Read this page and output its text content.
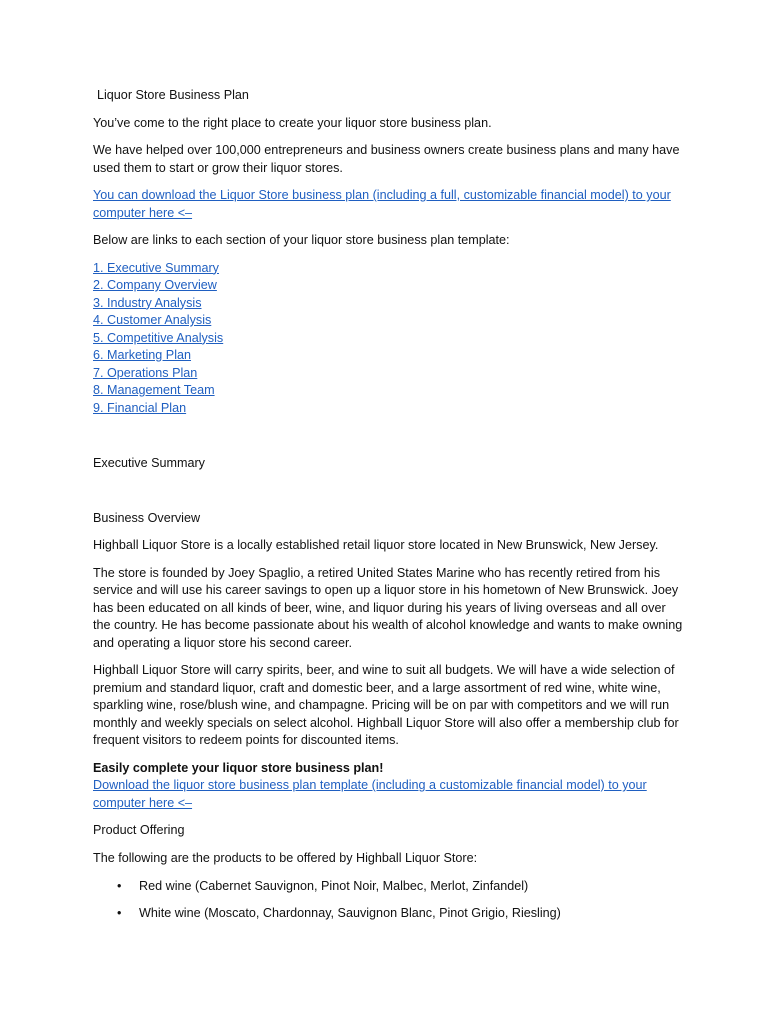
Liquor Store Business Plan

You’ve come to the right place to create your liquor store business plan.

We have helped over 100,000 entrepreneurs and business owners create business plans and many have used them to start or grow their liquor stores.

You can download the Liquor Store business plan (including a full, customizable financial model) to your computer here <–

Below are links to each section of your liquor store business plan template:

1. Executive Summary
2. Company Overview
3. Industry Analysis
4. Customer Analysis
5. Competitive Analysis
6. Marketing Plan
7. Operations Plan
8. Management Team
9. Financial Plan

Executive Summary

Business Overview

Highball Liquor Store is a locally established retail liquor store located in New Brunswick, New Jersey.

The store is founded by Joey Spaglio, a retired United States Marine who has recently retired from his service and will use his career savings to open up a liquor store in his hometown of New Brunswick. Joey has been educated on all kinds of beer, wine, and liquor during his years of living overseas and all over the country. He has become passionate about his wealth of alcohol knowledge and wants to make owning and operating a liquor store his second career.

Highball Liquor Store will carry spirits, beer, and wine to suit all budgets. We will have a wide selection of premium and standard liquor, craft and domestic beer, and a large assortment of red wine, white wine, sparkling wine, rose/blush wine, and champagne. Pricing will be on par with competitors and we will run monthly and weekly specials on select alcohol. Highball Liquor Store will also offer a membership club for frequent visitors to redeem points for discounted items.

Easily complete your liquor store business plan!

Download the liquor store business plan template (including a customizable financial model) to your computer here <–

Product Offering

The following are the products to be offered by Highball Liquor Store:

• Red wine (Cabernet Sauvignon, Pinot Noir, Malbec, Merlot, Zinfandel)
• White wine (Moscato, Chardonnay, Sauvignon Blanc, Pinot Grigio, Riesling)
